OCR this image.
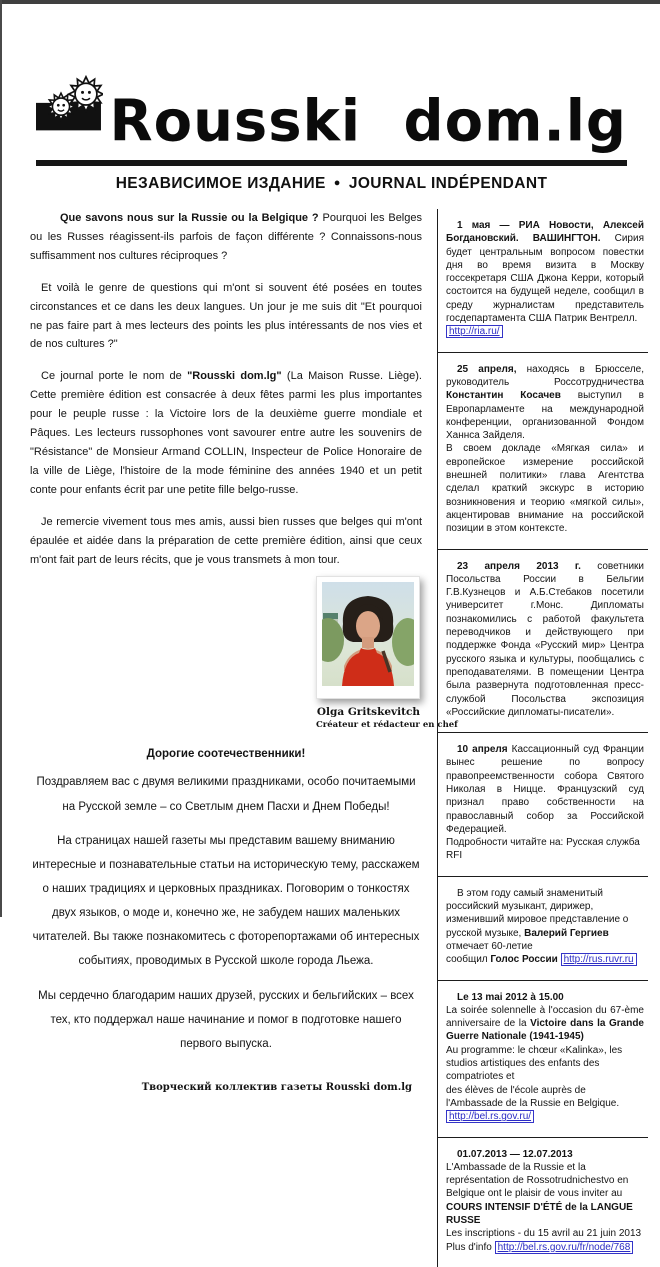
Rousski dom.lg
НЕЗАВИСИМОЕ ИЗДАНИЕ ● JOURNAL INDÉPENDANT
Que savons nous sur la Russie ou la Belgique ? Pourquoi les Belges ou les Russes réagissent-ils parfois de façon différente ? Connaissons-nous suffisamment nos cultures réciproques ?
Et voilà le genre de questions qui m'ont si souvent été posées en toutes circonstances et ce dans les deux langues. Un jour je me suis dit "Et pourquoi ne pas faire part à mes lecteurs des points les plus intéressants de nos vies et de nos cultures ?"
Ce journal porte le nom de "Rousski dom.lg" (La Maison Russe. Liège). Cette première édition est consacrée à deux fêtes parmi les plus importantes pour le peuple russe : la Victoire lors de la deuxième guerre mondiale et Pâques. Les lecteurs russophones vont savourer entre autre les souvenirs de "Résistance" de Monsieur Armand COLLIN, Inspecteur de Police Honoraire de la ville de Liège, l'histoire de la mode féminine des années 1940 et un petit conte pour enfants écrit par une petite fille belgo-russe.
Je remercie vivement tous mes amis, aussi bien russes que belges qui m'ont épaulée et aidée dans la préparation de cette première édition, ainsi que ceux m'ont fait part de leurs récits, que je vous transmets à mon tour.
Olga Gritskevitch
Créateur et rédacteur en chef
Дорогие соотечественники!
Поздравляем вас с двумя великими праздниками, особо почитаемыми на Русской земле – со Светлым днем Пасхи и Днем Победы!
На страницах нашей газеты мы представим вашему вниманию интересные и познавательные статьи на историческую тему, расскажем о наших традициях и церковных праздниках. Поговорим о тонкостях двух языков, о моде и, конечно же, не забудем наших маленьких читателей. Вы также познакомитесь с фоторепортажами об интересных событиях, проводимых в Русской школе города Льежа.
Мы сердечно благодарим наших друзей, русских и бельгийских – всех тех, кто поддержал наше начинание и помог в подготовке нашего первого выпуска.
Творческий коллектив газеты Rousski dom.lg
1 мая — РИА Новости, Алексей Богдановский. ВАШИНГТОН. Сирия будет центральным вопросом повестки дня во время визита в Москву госсекретаря США Джона Керри, который состоится на будущей неделе, сообщил в среду журналистам представитель госдепартамента США Патрик Вентрелл.
http://ria.ru/
25 апреля, находясь в Брюсселе, руководитель Россотрудничества Константин Косачев выступил в Европарламенте на международной конференции, организованной Фондом Ханнса Зайделя.
В своем докладе «Мягкая сила» и европейское измерение российской внешней политики» глава Агентства сделал краткий экскурс в историю возникновения и теорию «мягкой силы», акцентировав внимание на российской позиции в этом контексте.
23 апреля 2013 г. советники Посольства России в Бельгии Г.В.Кузнецов и А.Б.Стебаков посетили университет г.Монс. Дипломаты познакомились с работой факультета переводчиков и действующего при поддержке Фонда «Русский мир» Центра русского языка и культуры, пообщались с преподавателями. В помещении Центра была развернута подготовленная пресс-службой Посольства экспозиция «Российские дипломаты-писатели».
10 апреля Кассационный суд Франции вынес решение по вопросу правопреемственности собора Святого Николая в Ницце. Французский суд признал право собственности на православный собор за Российской Федерацией.
Подробности читайте на: Русская служба RFI
В этом году самый знаменитый российский музыкант, дирижер, изменивший мировое представление о русской музыке, Валерий Гергиев отмечает 60-летие
сообщил Голос России http://rus.ruvr.ru
Le 13 mai 2012 à 15.00
La soirée solennelle à l'occasion du 67-ème anniversaire de la Victoire dans la Grande Guerre Nationale (1941-1945)
Au programme: le chœur «Kalinka», les studios artistiques des enfants des compatriotes et
des élèves de l'école auprès de l'Ambassade de la Russie en Belgique.
http://bel.rs.gov.ru/
01.07.2013 — 12.07.2013
L'Ambassade de la Russie et la représentation de Rossotrudnichestvo en Belgique ont le plaisir de vous inviter au
COURS INTENSIF D'ÉTÉ de la LANGUE RUSSE
Les inscriptions - du 15 avril au 21 juin 2013
Plus d'info http://bel.rs.gov.ru/fr/node/768
